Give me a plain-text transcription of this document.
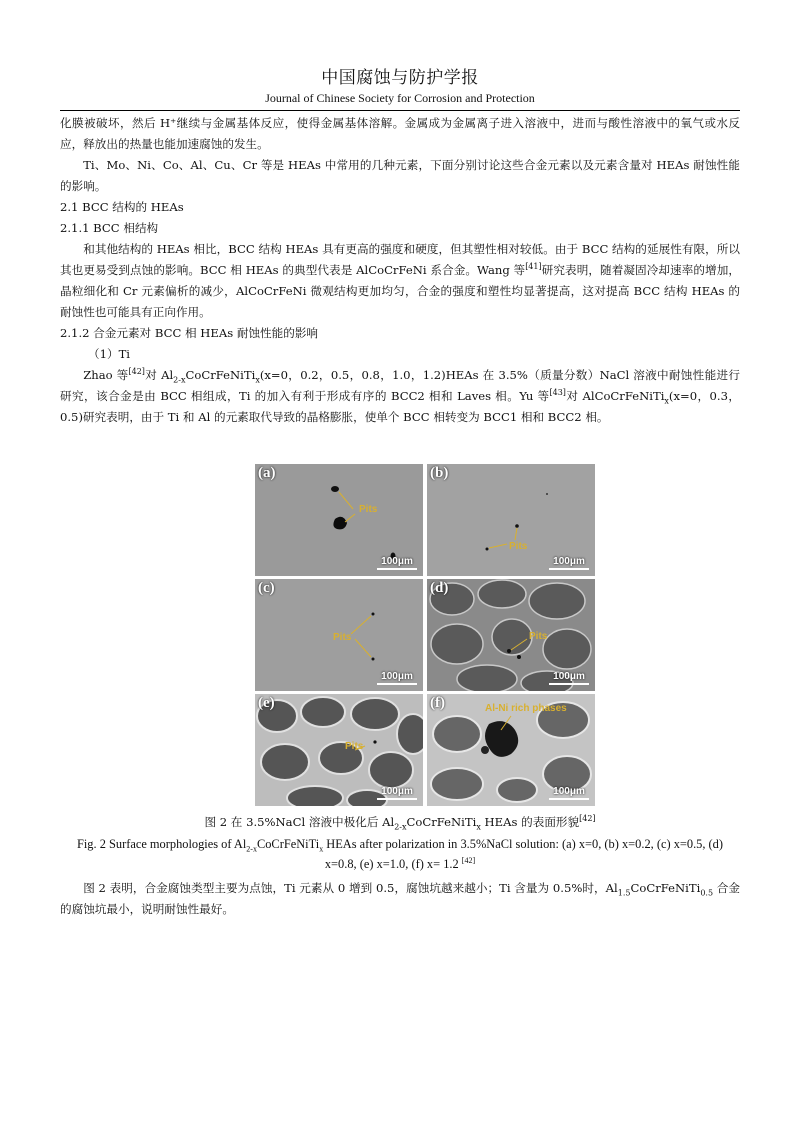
中国腐蚀与防护学报
Journal of Chinese Society for Corrosion and Protection

化膜被破坏，然后 H⁺继续与金属基体反应，使得金属基体溶解。金属成为金属离子进入溶液中，进而与酸性溶液中的氧气或水反应，释放出的热量也能加速腐蚀的发生。

Ti、Mo、Ni、Co、Al、Cu、Cr 等是 HEAs 中常用的几种元素，下面分别讨论这些合金元素以及元素含量对 HEAs 耐蚀性能的影响。

2.1 BCC 结构的 HEAs

2.1.1 BCC 相结构

和其他结构的 HEAs 相比，BCC 结构 HEAs 具有更高的强度和硬度，但其塑性相对较低。由于 BCC 结构的延展性有限，所以其也更易受到点蚀的影响。BCC 相 HEAs 的典型代表是 AlCoCrFeNi 系合金。Wang 等[41]研究表明，随着凝固冷却速率的增加，晶粒细化和 Cr 元素偏析的减少，AlCoCrFeNi 微观结构更加均匀，合金的强度和塑性均显著提高，这对提高 BCC 结构 HEAs 的耐蚀性也可能具有正向作用。

2.1.2 合金元素对 BCC 相 HEAs 耐蚀性能的影响

（1）Ti

Zhao 等[42]对 $Al_{2-x}CoCrFeNiTi_x(x=0$，0.2，0.5，0.8，1.0，1.2)HEAs 在 3.5%（质量分数）NaCl 溶液中耐蚀性能进行研究，该合金是由 BCC 相组成，Ti 的加入有利于形成有序的 BCC2 相和 Laves 相。Yu 等[43]对 AlCoCrFeNiTi$_x$(x=0，0.3，0.5)研究表明，由于 Ti 和 Al 的元素取代导致的晶格膨胀，使单个 BCC 相转变为 BCC1 相和 BCC2 相。

(a)
Pits
100μm
(b)
Pits
100μm
(c)
Pits
100μm
(d)
Pits
100μm
(e)
Pits
100μm
(f)	Al-Ni rich phases
100μm
图 2 在 3.5%NaCl 溶液中极化后 $Al_{2-x}CoCrFeNiTi_x$ HEAs 的表面形貌[42]
Fig. 2 Surface morphologies of $Al_{2-x}CoCrFeNiTi_x$ HEAs after polarization in 3.5%NaCl solution: (a) x=0, (b) x=0.2, (c) x=0.5, (d) x=0.8, (e) x=1.0, (f) x= 1.2 [42]

图 2 表明，合金腐蚀类型主要为点蚀，Ti 元素从 0 增到 0.5，腐蚀坑越来越小；Ti 含量为 0.5%时，$Al_{1.5}CoCrFeNiTi_{0.5}$ 合金的腐蚀坑最小，说明耐蚀性最好。
